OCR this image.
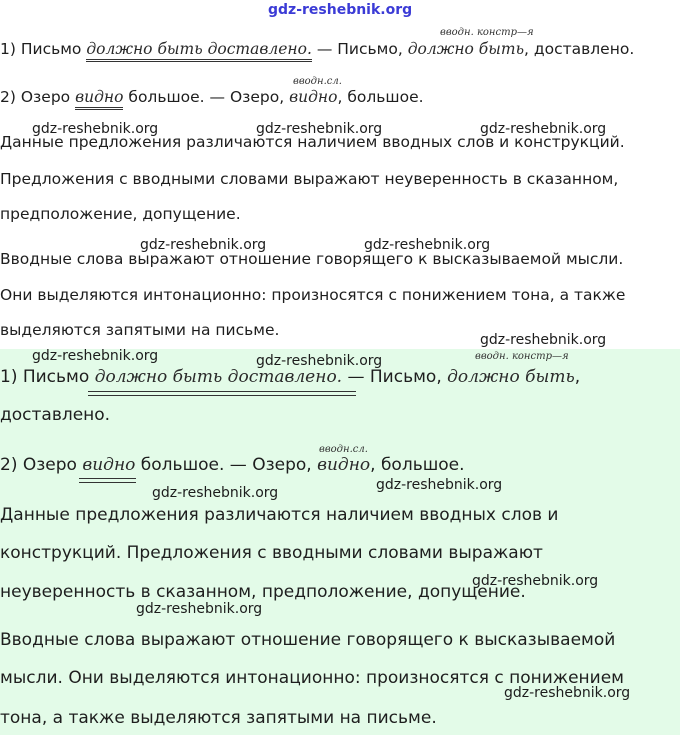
gdz-reshebnik.org
вводн. констр—я
1) Письмо должно быть доставлено. — Письмо, должно быть, доставлено.
вводн.сл.
2) Озеро видно большое. — Озеро, видно, большое.
Данные предложения различаются наличием вводных слов и конструкций.
Предложения с вводными словами выражают неуверенность в сказанном,
предположение, допущение.
Вводные слова выражают отношение говорящего к высказываемой мысли.
Они выделяются интонационно: произносятся с понижением тона, а также
выделяются запятыми на письме.
вводн. констр—я
1) Письмо должно быть доставлено. — Письмо, должно быть,
доставлено.
вводн.сл.
2) Озеро видно большое. — Озеро, видно, большое.
Данные предложения различаются наличием вводных слов и
конструкций. Предложения с вводными словами выражают
неуверенность в сказанном, предположение, допущение.
Вводные слова выражают отношение говорящего к высказываемой
мысли. Они выделяются интонационно: произносятся с понижением
тона, а также выделяются запятыми на письме.
gdz-reshebnik.org	gdz-reshebnik.org	gdz-reshebnik.org
gdz-reshebnik.org	gdz-reshebnik.org
gdz-reshebnik.org
gdz-reshebnik.org	gdz-reshebnik.org
gdz-reshebnik.org	gdz-reshebnik.org
gdz-reshebnik.org
gdz-reshebnik.org
gdz-reshebnik.org
